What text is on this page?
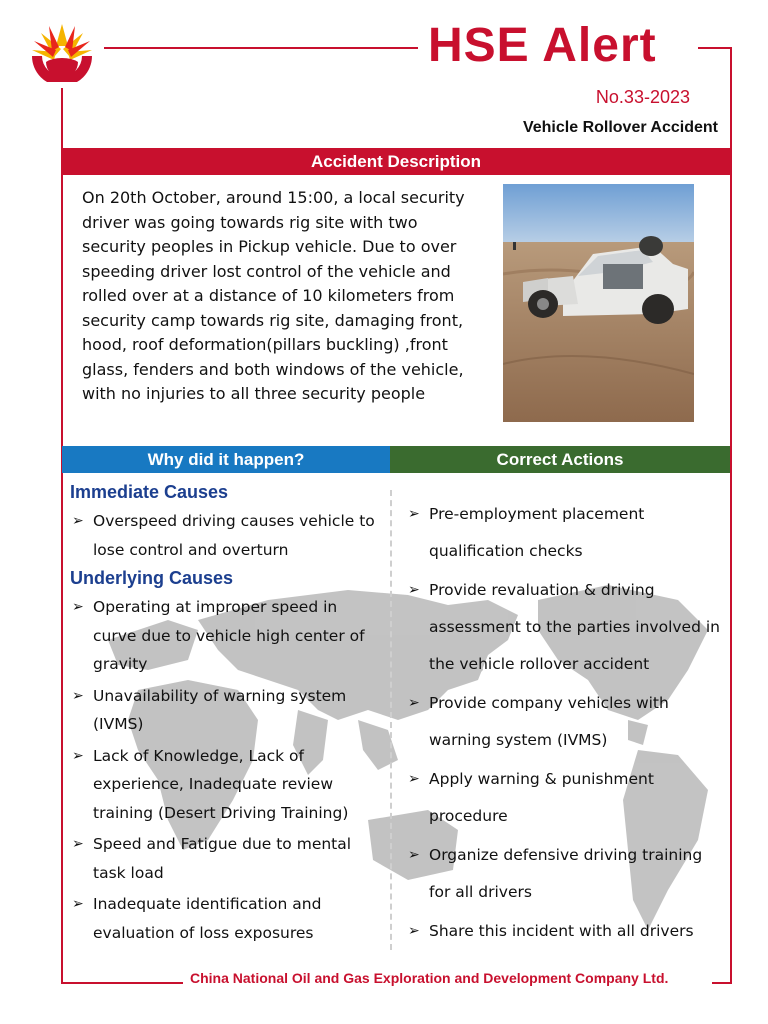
HSE Alert
No.33-2023
Vehicle Rollover Accident
Accident Description
On 20th October, around 15:00, a local security driver was going towards rig site with two security peoples in Pickup vehicle. Due to over speeding driver lost control of the vehicle and rolled over at a distance of 10 kilometers from security camp towards rig site, damaging front, hood, roof deformation(pillars buckling) ,front glass, fenders and both windows of the vehicle, with no injuries to all three security people
Why did it happen?	Correct Actions
Immediate Causes
➢ Overspeed driving causes vehicle to lose control and overturn
Underlying Causes
➢ Operating at improper speed in curve due to vehicle high center of gravity
➢ Unavailability of warning system (IVMS)
➢ Lack of Knowledge, Lack of experience, Inadequate review training (Desert Driving Training)
➢ Speed and Fatigue due to mental task load
➢ Inadequate identification and evaluation of loss exposures
➢ Pre-employment placement qualification checks
➢ Provide revaluation & driving assessment to the parties involved in the vehicle rollover accident
➢ Provide company vehicles with warning system (IVMS)
➢ Apply warning & punishment procedure
➢ Organize defensive driving training for all drivers
➢ Share this incident with all drivers
China National Oil and Gas Exploration and Development Company Ltd.
